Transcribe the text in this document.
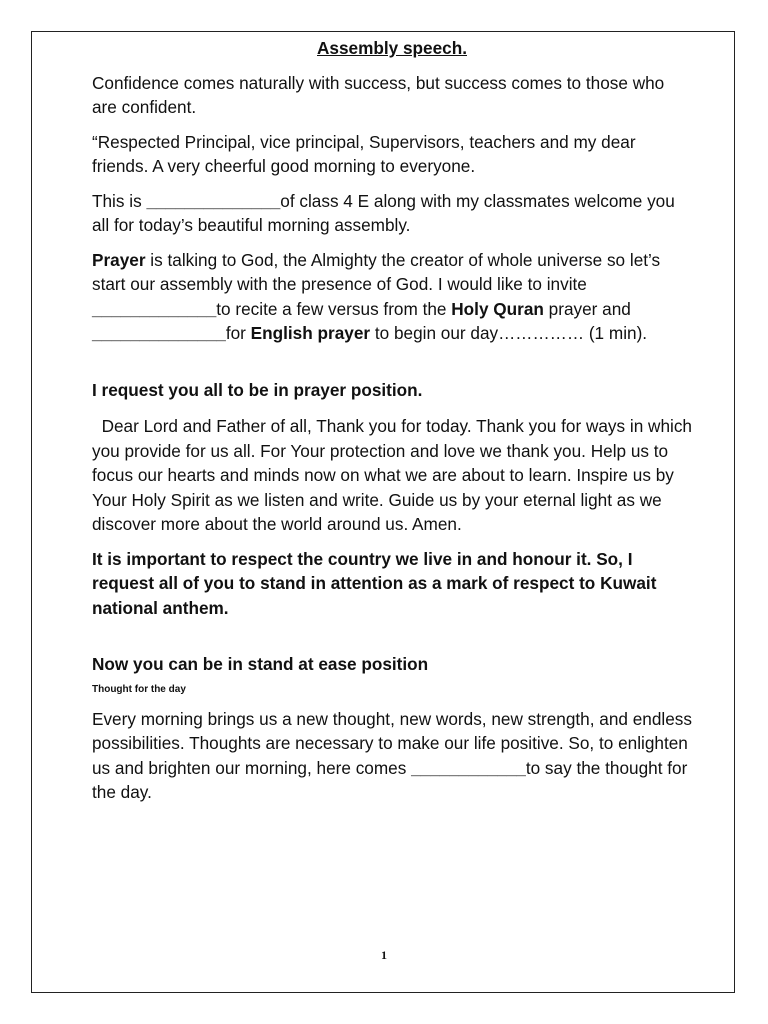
Assembly speech.

Confidence comes naturally with success, but success comes to those who are confident.

“Respected Principal, vice principal, Supervisors, teachers and my dear friends. A very cheerful good morning to everyone.

This is ______________of class 4 E along with my classmates welcome you all for today’s beautiful morning assembly.

Prayer is talking to God, the Almighty the creator of whole universe so let’s start our assembly with the presence of God. I would like to invite _____________to recite a few versus from the Holy Quran prayer and ______________for English prayer to begin our day…………… (1 min).

I request you all to be in prayer position.

Dear Lord and Father of all, Thank you for today. Thank you for ways in which you provide for us all. For Your protection and love we thank you. Help us to focus our hearts and minds now on what we are about to learn. Inspire us by Your Holy Spirit as we listen and write. Guide us by your eternal light as we discover more about the world around us. Amen.

It is important to respect the country we live in and honour it. So, I request all of you to stand in attention as a mark of respect to Kuwait national anthem.

Now you can be in stand at ease position

Thought for the day

Every morning brings us a new thought, new words, new strength, and endless possibilities. Thoughts are necessary to make our life positive. So, to enlighten us and brighten our morning, here comes ____________to say the thought for the day.

1
